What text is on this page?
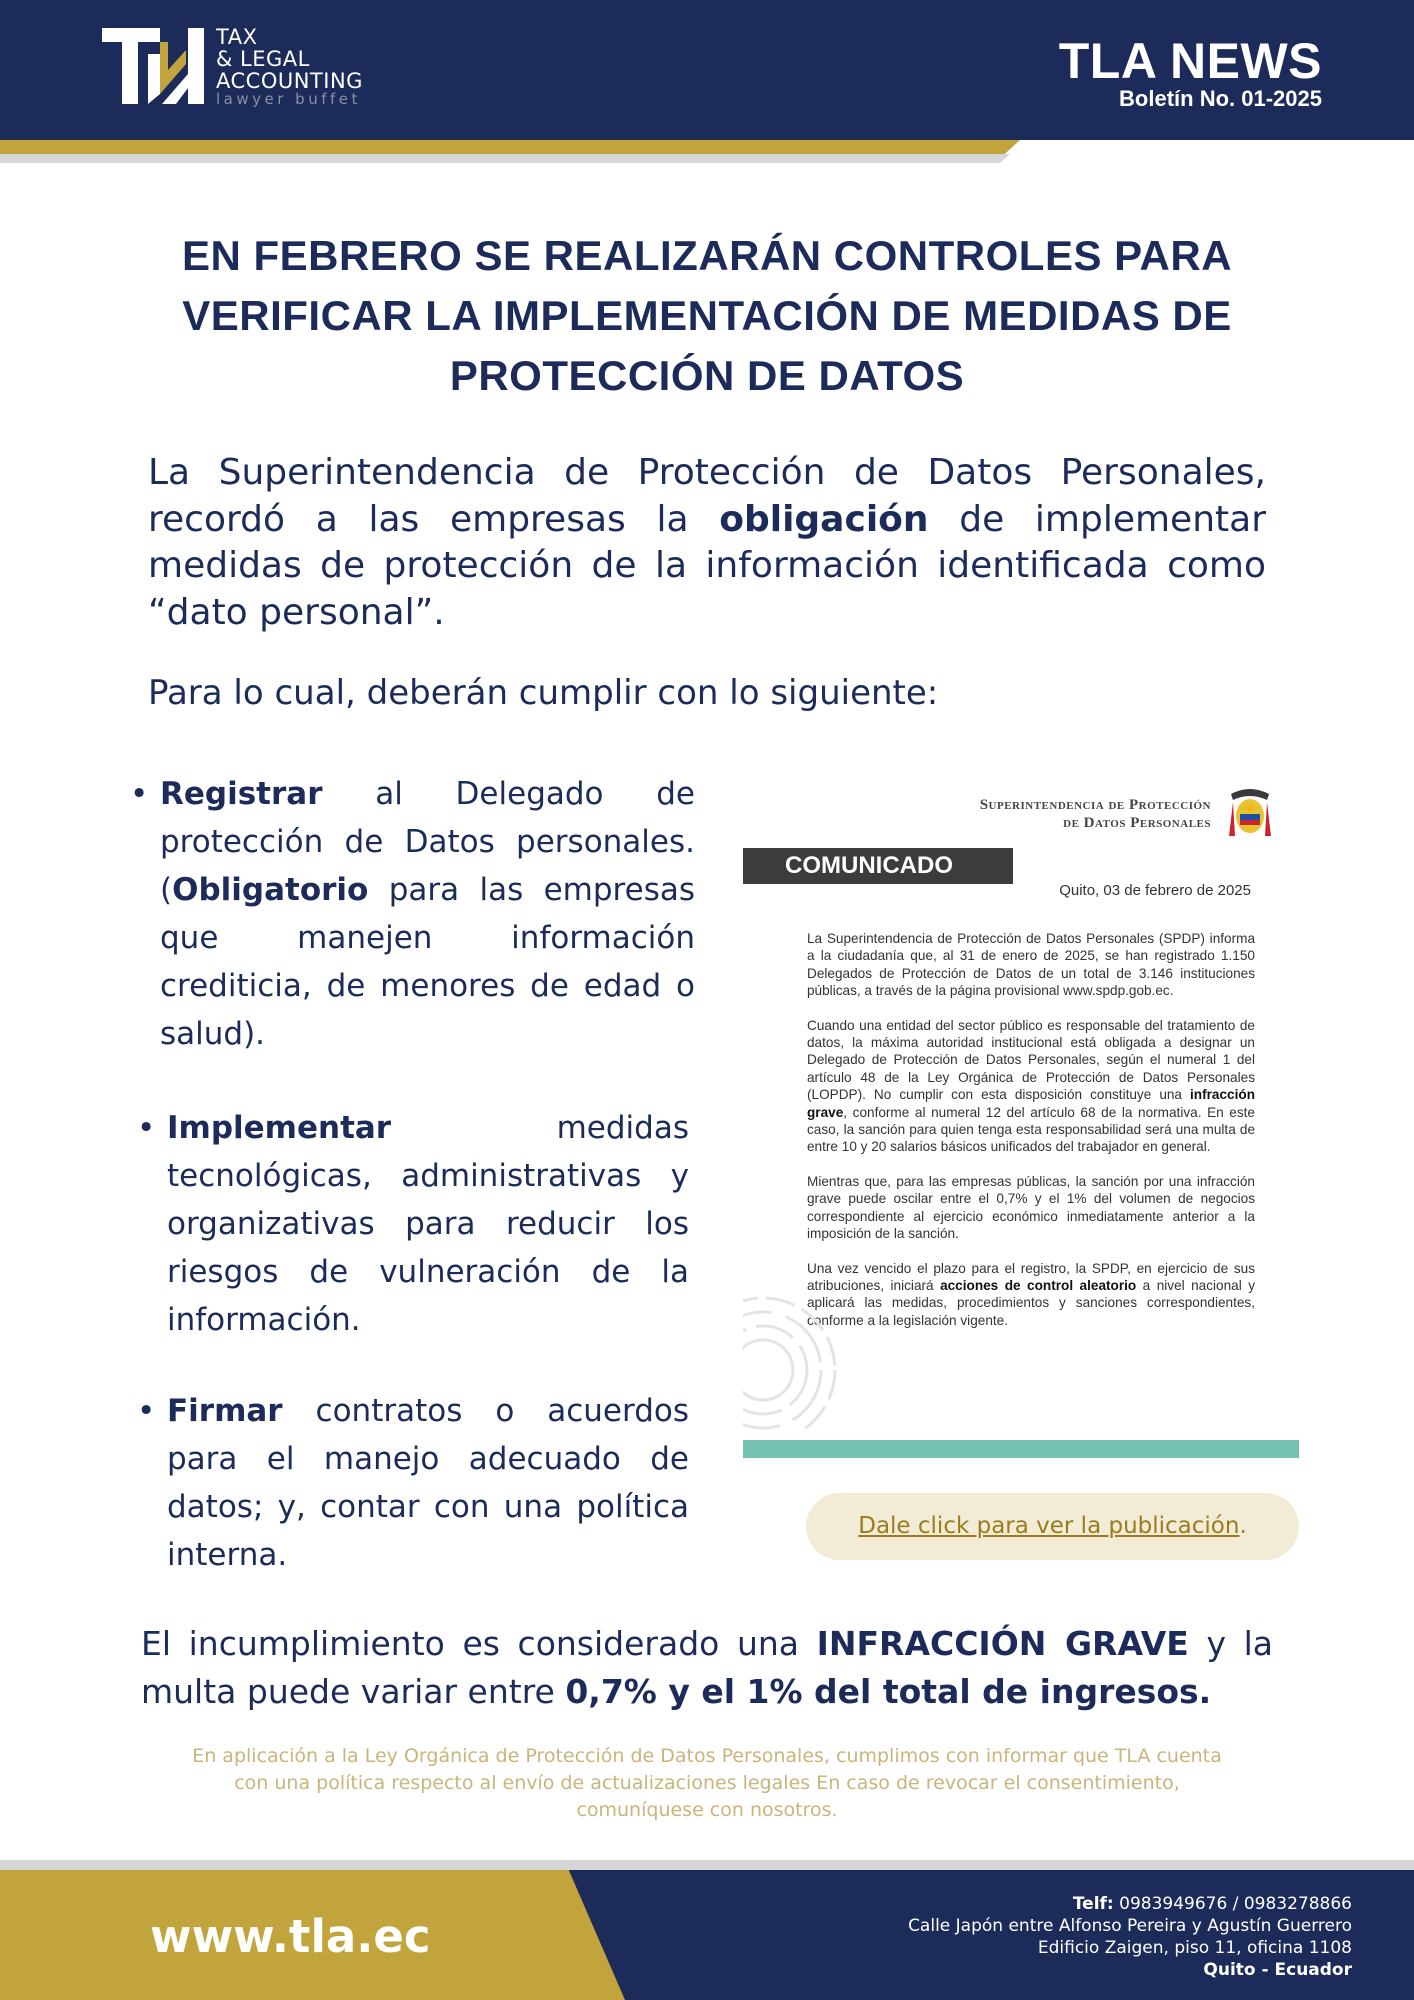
TAX
& LEGAL
ACCOUNTING
lawyer buffet
TLA NEWS
Boletín No. 01-2025
EN FEBRERO SE REALIZARÁN CONTROLES PARA
VERIFICAR LA IMPLEMENTACIÓN DE MEDIDAS DE
PROTECCIÓN DE DATOS

La Superintendencia de Protección de Datos Personales, recordó a las empresas la obligación de implementar medidas de protección de la información identificada como “dato personal”.

Para lo cual, deberán cumplir con lo siguiente:

• Registrar al Delegado de protección de Datos personales. (Obligatorio para las empresas que manejen información crediticia, de menores de edad o salud).
• Implementar medidas tecnológicas, administrativas y organizativas para reducir los riesgos de vulneración de la información.
• Firmar contratos o acuerdos para el manejo adecuado de datos; y, contar con una política interna.
Superintendencia de Protección
de Datos Personales
COMUNICADO
Quito, 03 de febrero de 2025

La Superintendencia de Protección de Datos Personales (SPDP) informa a la ciudadanía que, al 31 de enero de 2025, se han registrado 1.150 Delegados de Protección de Datos de un total de 3.146 instituciones públicas, a través de la página provisional www.spdp.gob.ec.

Cuando una entidad del sector público es responsable del tratamiento de datos, la máxima autoridad institucional está obligada a designar un Delegado de Protección de Datos Personales, según el numeral 1 del artículo 48 de la Ley Orgánica de Protección de Datos Personales (LOPDP). No cumplir con esta disposición constituye una infracción grave, conforme al numeral 12 del artículo 68 de la normativa. En este caso, la sanción para quien tenga esta responsabilidad será una multa de entre 10 y 20 salarios básicos unificados del trabajador en general.

Mientras que, para las empresas públicas, la sanción por una infracción grave puede oscilar entre el 0,7% y el 1% del volumen de negocios correspondiente al ejercicio económico inmediatamente anterior a la imposición de la sanción.

Una vez vencido el plazo para el registro, la SPDP, en ejercicio de sus atribuciones, iniciará acciones de control aleatorio a nivel nacional y aplicará las medidas, procedimientos y sanciones correspondientes, conforme a la legislación vigente.

Dale click para ver la publicación.

El incumplimiento es considerado una INFRACCIÓN GRAVE y la multa puede variar entre 0,7% y el 1% del total de ingresos.

En aplicación a la Ley Orgánica de Protección de Datos Personales, cumplimos con informar que TLA cuenta
con una política respecto al envío de actualizaciones legales En caso de revocar el consentimiento,
comuníquese con nosotros.
www.tla.ec
Telf: 0983949676 / 0983278866
Calle Japón entre Alfonso Pereira y Agustín Guerrero
Edificio Zaigen, piso 11, oficina 1108
Quito - Ecuador
